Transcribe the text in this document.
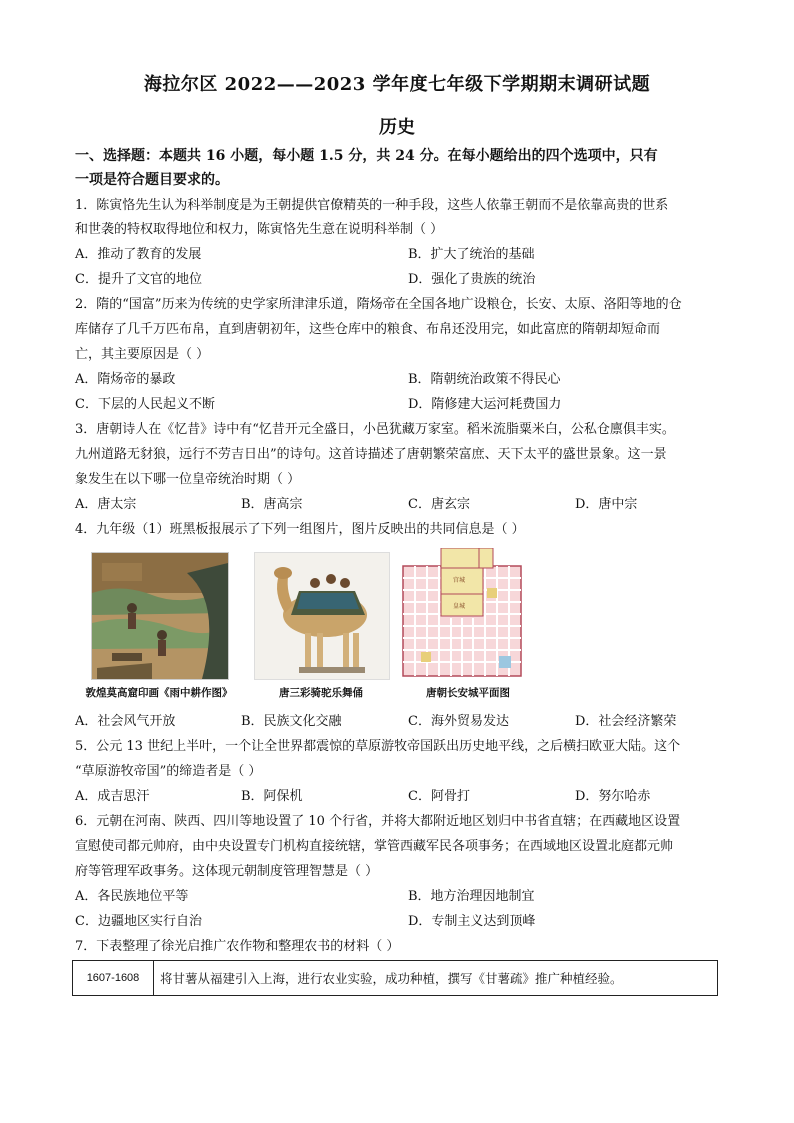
海拉尔区 2022——2023 学年度七年级下学期期末调研试题
历史
一、选择题：本题共 16 小题，每小题 1.5 分，共 24 分。在每小题给出的四个选项中，只有
一项是符合题目要求的。
1．陈寅恪先生认为科举制度是为王朝提供官僚精英的一种手段，这些人依靠王朝而不是依靠高贵的世系
和世袭的特权取得地位和权力，陈寅恪先生意在说明科举制（ ）
A．推动了教育的发展	B．扩大了统治的基础
C．提升了文官的地位	D．强化了贵族的统治
2．隋的“国富”历来为传统的史学家所津津乐道，隋炀帝在全国各地广设粮仓，长安、太原、洛阳等地的仓
库储存了几千万匹布帛，直到唐朝初年，这些仓库中的粮食、布帛还没用完，如此富庶的隋朝却短命而
亡，其主要原因是（ ）
A．隋炀帝的暴政	B．隋朝统治政策不得民心
C．下层的人民起义不断	D．隋修建大运河耗费国力
3．唐朝诗人在《忆昔》诗中有“忆昔开元全盛日，小邑犹藏万家室。稻米流脂粟米白，公私仓廪俱丰实。
九州道路无豺狼，远行不劳吉日出”的诗句。这首诗描述了唐朝繁荣富庶、天下太平的盛世景象。这一景
象发生在以下哪一位皇帝统治时期（ ）
A．唐太宗	B．唐高宗	C．唐玄宗	D．唐中宗
4．九年级（1）班黑板报展示了下列一组图片，图片反映出的共同信息是（ ）
敦煌莫高窟印画《雨中耕作图》	唐三彩骑驼乐舞俑
宫城
皇城
唐朝长安城平面图
A．社会风气开放	B．民族文化交融	C．海外贸易发达	D．社会经济繁荣
5．公元 13 世纪上半叶，一个让全世界都震惊的草原游牧帝国跃出历史地平线，之后横扫欧亚大陆。这个
“草原游牧帝国”的缔造者是（ ）
A．成吉思汗	B．阿保机	C．阿骨打	D．努尔哈赤
6．元朝在河南、陕西、四川等地设置了 10 个行省，并将大都附近地区划归中书省直辖；在西藏地区设置
宣慰使司都元帅府，由中央设置专门机构直接统辖，掌管西藏军民各项事务；在西域地区设置北庭都元帅
府等管理军政事务。这体现元朝制度管理智慧是（ ）
A．各民族地位平等	B．地方治理因地制宜
C．边疆地区实行自治	D．专制主义达到顶峰
7．下表整理了徐光启推广农作物和整理农书的材料（ ）
1607-1608	将甘薯从福建引入上海，进行农业实验，成功种植，撰写《甘薯疏》推广种植经验。
